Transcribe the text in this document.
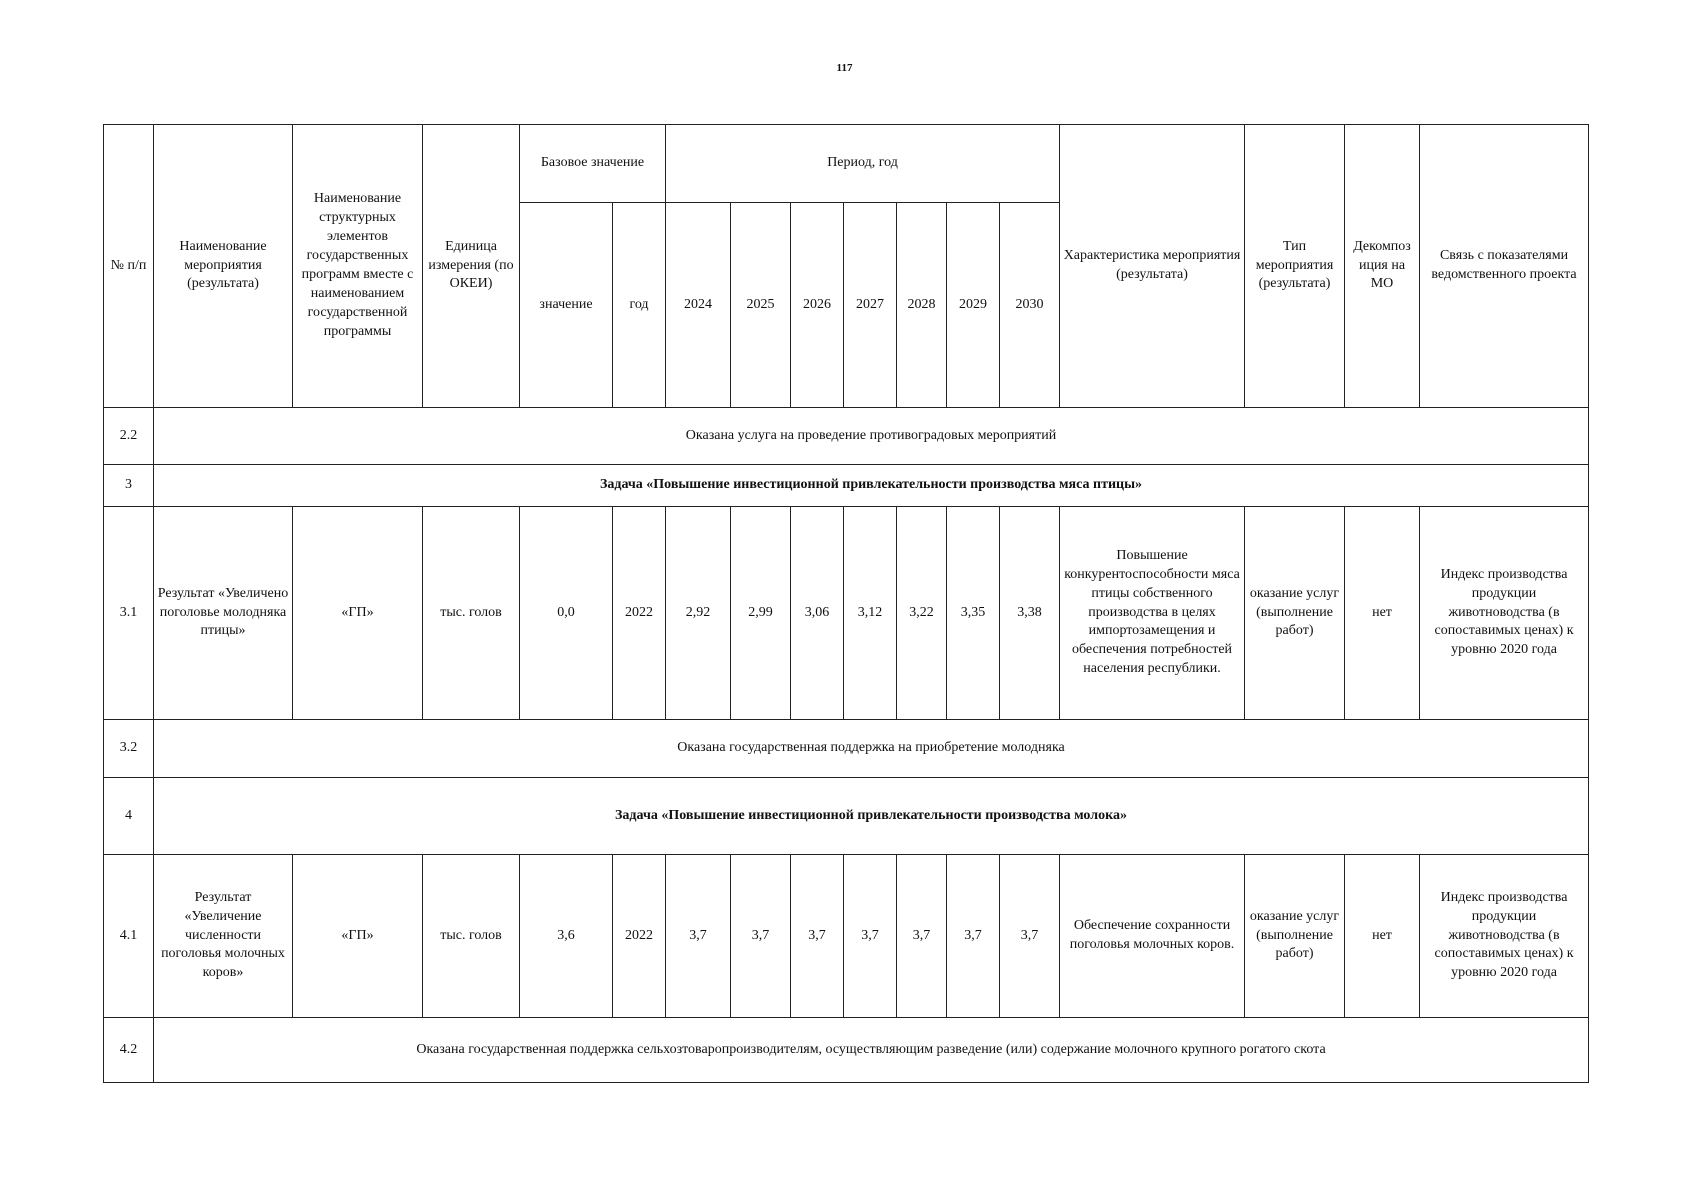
117
№ п/п	Наименование мероприятия (результата)	Наименование структурных элементов государственных программ вместе с наименованием государственной программы	Единица измерения (по ОКЕИ)	Базовое значение		Период, год							Характеристика мероприятия (результата)	Тип мероприятия (результата)	Декомпоз иция на МО	Связь с показателями ведомственного проекта
				значение	год	2024	2025	2026	2027	2028	2029	2030				
2.2	Оказана услуга на проведение противоградовых мероприятий															
3	Задача «Повышение инвестиционной привлекательности производства мяса птицы»															
3.1	Результат «Увеличено поголовье молодняка птицы»	«ГП»	тыс. голов	0,0	2022	2,92	2,99	3,06	3,12	3,22	3,35	3,38	Повышение конкурентоспособности мяса птицы собственного производства в целях импортозамещения и обеспечения потребностей населения республики.	оказание услуг (выполнение работ)	нет	Индекс производства продукции животноводства (в сопоставимых ценах) к уровню 2020 года
3.2	Оказана государственная поддержка на приобретение молодняка															
4	Задача «Повышение инвестиционной привлекательности производства молока»															
4.1	Результат «Увеличение численности поголовья молочных коров»	«ГП»	тыс. голов	3,6	2022	3,7	3,7	3,7	3,7	3,7	3,7	3,7	Обеспечение сохранности поголовья молочных коров.	оказание услуг (выполнение работ)	нет	Индекс производства продукции животноводства (в сопоставимых ценах) к уровню 2020 года
4.2	Оказана государственная поддержка сельхозтоваропроизводителям, осуществляющим разведение (или) содержание молочного крупного рогатого скота															
